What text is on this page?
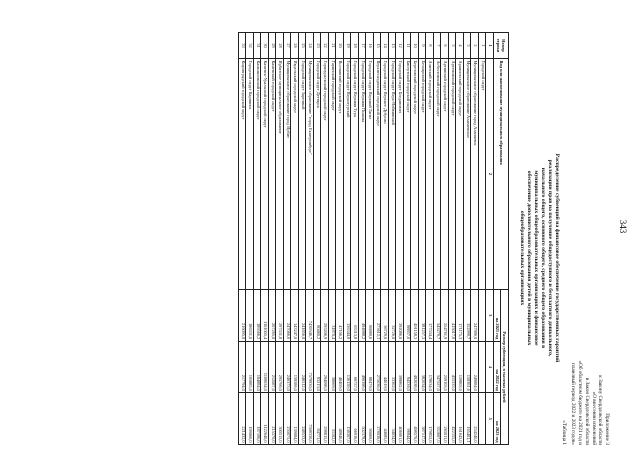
343
Приложение 3
к Закону Свердловской области
«О внесении изменений
в Закон Свердловской области
«Об областном бюджете на 2021 год и
плановый период 2022 и 2023 годов»
«Таблица 1
Распределение субвенций на финансовое обеспечение государственных гарантий
реализации прав на получение общедоступного и бесплатного дошкольного,
начального общего, основного общего, среднего общего образования в
муниципальных общеобразовательных организациях и финансовое
обеспечение дополнительного образования детей в муниципальных
общеобразовательных организациях
Номер строки	Вид или наименование муниципального образования	Размер субвенции, в тысячах рублей		
		на 2021 год	на 2022 год	на 2023 год
1	2	3	4	5
1	Городской округ			
2	Муниципальное образование город Алапаевск	247986,0	249884,0	254240,0
3	Муниципальное образование Алапаевское	152999,7	158361,6	165401,1
4	Арамильский городской округ	171175,3	159803,0	161643,0
5	Артемовский городской округ	415017,9	415333,0	422155,0
6	Артинский городской округ	254761,9	259103,0	265011,0
7	Асбестовский городской округ	343279,7	347557,0	353607,0
8	Ачитский городской округ	177534,4	178634,0	179852,0
9	Белоярский городской округ	381257,3	382034,0	387517,0
10	Березовский городской округ	491158,3	492038,0	498576,0
11	Бисертский городской округ	88857,0	94536,0	96844,0
12	Городской округ Богданович	392086,0	398862,0	406061,0
13	Городской округ Верх-Нейвинский	32726,0	33362,0	34034,0
14	Городской округ Верхнее Дуброво	36729,0	44019,0	44685,0
15	Верхнесалдинский городской округ	273612,1	275036,0	278036,0
16	Городской округ Верхний Тагил	86889,6	88476,0	90069,0
17	Городской округ Верхняя Пышма	494988,2	496398,0	502378,0
18	Городской округ Верхняя Тура	65313,8	66757,0	66916,0
19	Городской округ Верхотурский	136344,8	136159,0	138307,0
20	Волчанский городской округ	47106,2	48409,0	48846,0
21	Гаринский городской округ	31870,4	30669,0	31102,0
22	Горноуральский городской округ	295206,9	294098,0	298815,0
23	Городской округ Дегтярск	80460,2	83213,0	84771,0
24	Муниципальное образование "город Екатеринбург"	7439346,7	7579930,0	7598330,0
25	Городской округ Заречный	241856,0	246512,0	248533,0
26	Ивдельский городской округ	143247,0	139586,0	139084,0
27	Муниципальное образование город Ирбит	247066,6	246373,0	250075,0
28	Ирбитское муниципальное образование	297531,8	295766,0	300513,0
29	Каменский городской округ	207265,0	212087,0	215570,0
30	Каменск-Уральский городской округ	1101005,4	1109034,0	1122640,0
31	Камышловский городской округ	189566,2	184884,0	187190,0
32	Городской округ Карпинск	186331,0	195885,0	199060,0
33	Кировградский городской округ	216095,0	217794,0	221432,0
